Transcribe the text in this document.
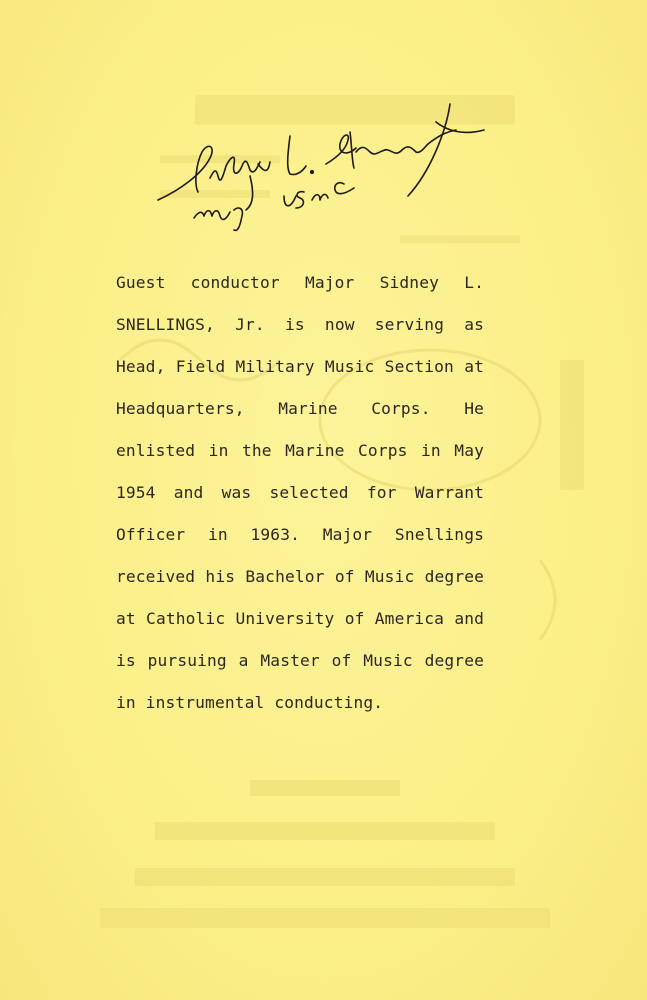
Guest conductor Major Sidney L. SNELLINGS, Jr. is now serving as Head, Field Military Music Section at Headquarters, Marine Corps. He enlisted in the Marine Corps in May 1954 and was selected for Warrant Officer in 1963. Major Snellings received his Bachelor of Music degree at Catholic University of America and is pursuing a Master of Music degree in instrumental conducting.
